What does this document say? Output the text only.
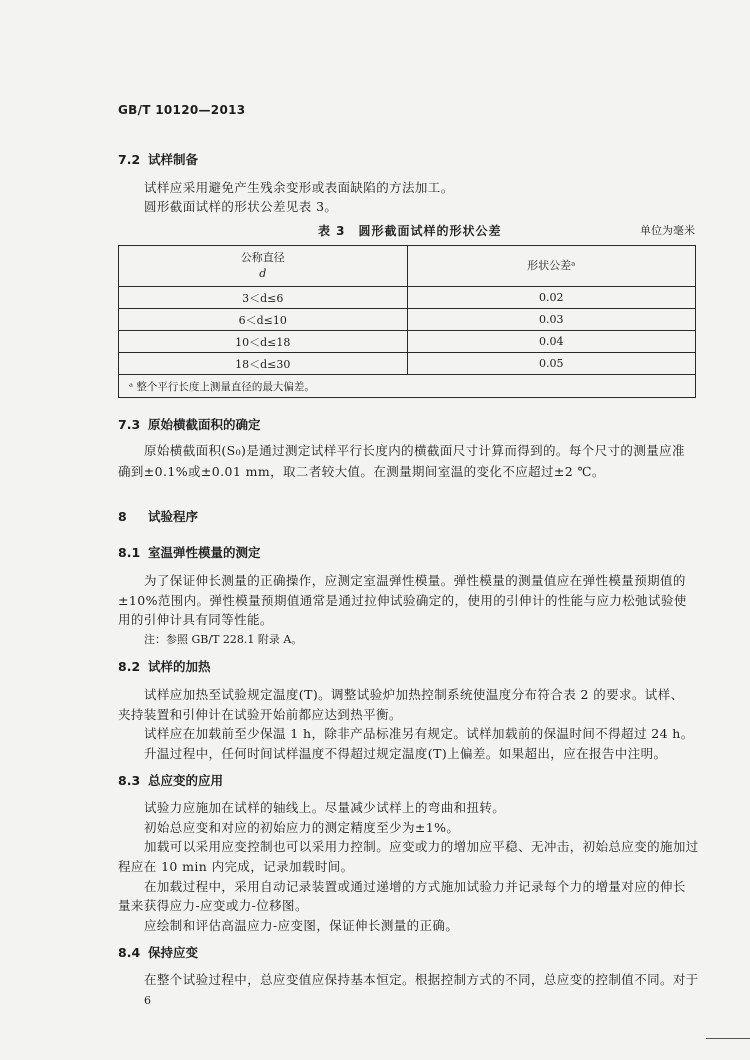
GB/T 10120—2013
7.2 试样制备
试样应采用避免产生残余变形或表面缺陷的方法加工。
圆形截面试样的形状公差见表 3。
表 3　圆形截面试样的形状公差	单位为毫米
公称直径
d	形状公差ᵃ
3＜d≤6	0.02
6＜d≤10	0.03
10＜d≤18	0.04
18＜d≤30	0.05
ᵃ 整个平行长度上测量直径的最大偏差。	
7.3 原始横截面积的确定
原始横截面积(S₀)是通过测定试样平行长度内的横截面尺寸计算而得到的。每个尺寸的测量应准
确到±0.1%或±0.01 mm，取二者较大值。在测量期间室温的变化不应超过±2 ℃。
8 试验程序
8.1 室温弹性模量的测定
为了保证伸长测量的正确操作，应测定室温弹性模量。弹性模量的测量值应在弹性模量预期值的
±10%范围内。弹性模量预期值通常是通过拉伸试验确定的，使用的引伸计的性能与应力松弛试验使
用的引伸计具有同等性能。
注：参照 GB/T 228.1 附录 A。
8.2 试样的加热
试样应加热至试验规定温度(T)。调整试验炉加热控制系统使温度分布符合表 2 的要求。试样、
夹持装置和引伸计在试验开始前都应达到热平衡。
试样应在加载前至少保温 1 h，除非产品标准另有规定。试样加载前的保温时间不得超过 24 h。
升温过程中，任何时间试样温度不得超过规定温度(T)上偏差。如果超出，应在报告中注明。
8.3 总应变的应用
试验力应施加在试样的轴线上。尽量减少试样上的弯曲和扭转。
初始总应变和对应的初始应力的测定精度至少为±1%。
加载可以采用应变控制也可以采用力控制。应变或力的增加应平稳、无冲击，初始总应变的施加过
程应在 10 min 内完成，记录加载时间。
在加载过程中，采用自动记录装置或通过递增的方式施加试验力并记录每个力的增量对应的伸长
量来获得应力-应变或力-位移图。
应绘制和评估高温应力-应变图，保证伸长测量的正确。
8.4 保持应变
在整个试验过程中，总应变值应保持基本恒定。根据控制方式的不同，总应变的控制值不同。对于
6
